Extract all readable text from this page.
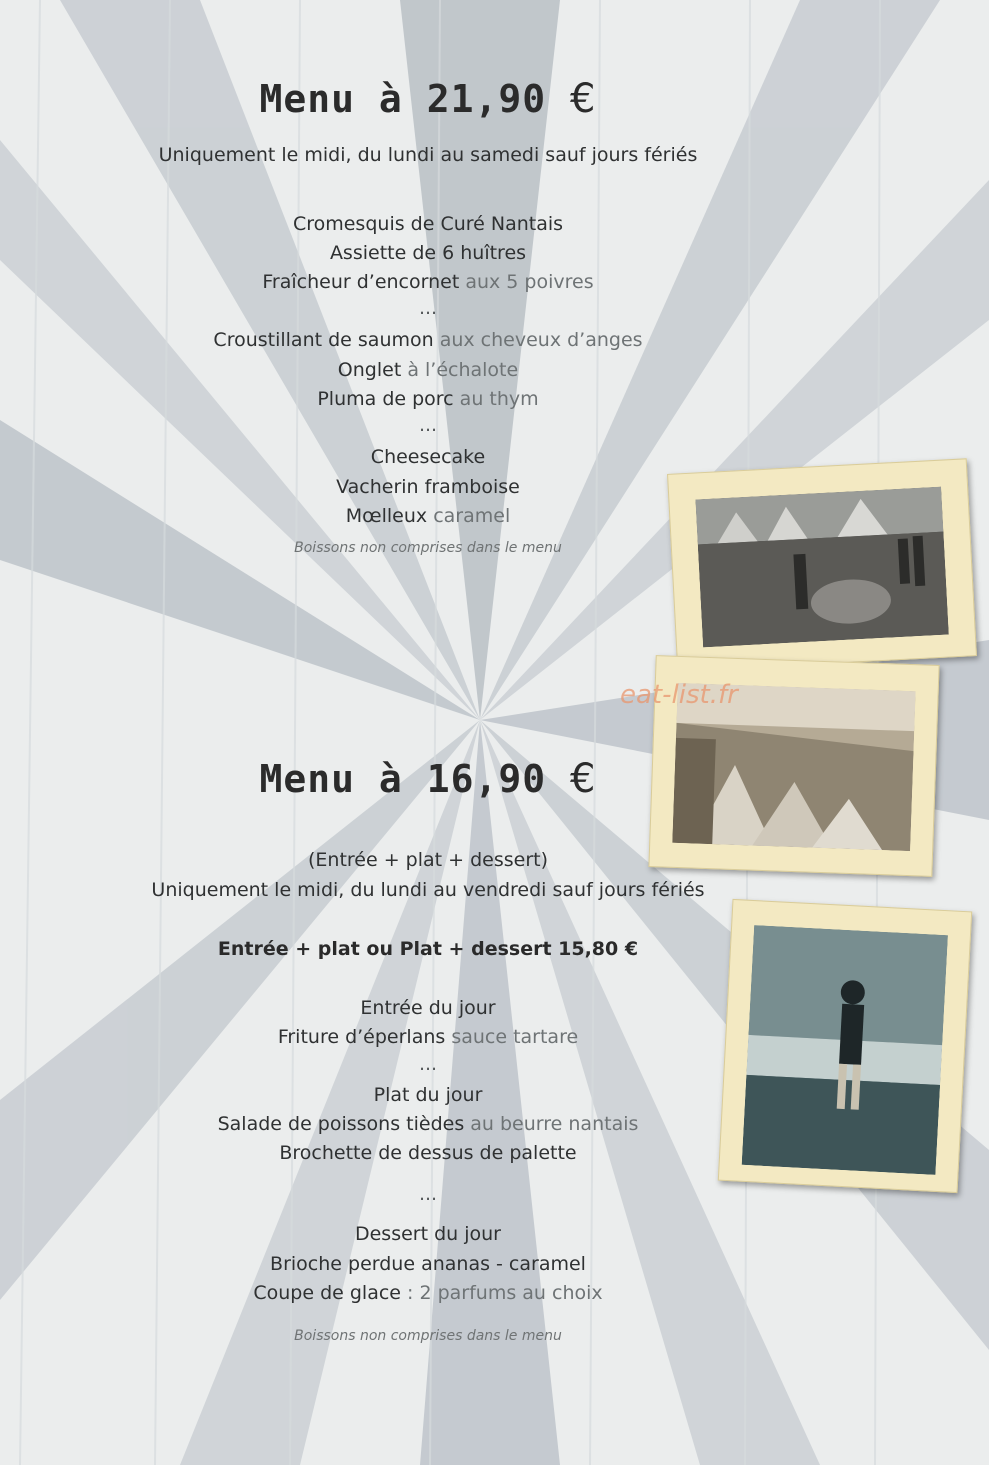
eat-list.fr
Menu à 21,90 €
Uniquement le midi, du lundi au samedi sauf jours fériés
Cromesquis de Curé Nantais
Assiette de 6 huîtres
Fraîcheur d’encornet aux 5 poivres
...
Croustillant de saumon aux cheveux d’anges
Onglet à l’échalote
Pluma de porc au thym
...
Cheesecake
Vacherin framboise
Mœlleux caramel
Boissons non comprises dans le menu
Menu à 16,90 €
(Entrée + plat + dessert)
Uniquement le midi, du lundi au vendredi sauf jours fériés
Entrée + plat ou Plat + dessert 15,80 €
Entrée du jour
Friture d’éperlans sauce tartare
...
Plat du jour
Salade de poissons tièdes au beurre nantais
Brochette de dessus de palette
...
Dessert du jour
Brioche perdue ananas - caramel
Coupe de glace : 2 parfums au choix
Boissons non comprises dans le menu
